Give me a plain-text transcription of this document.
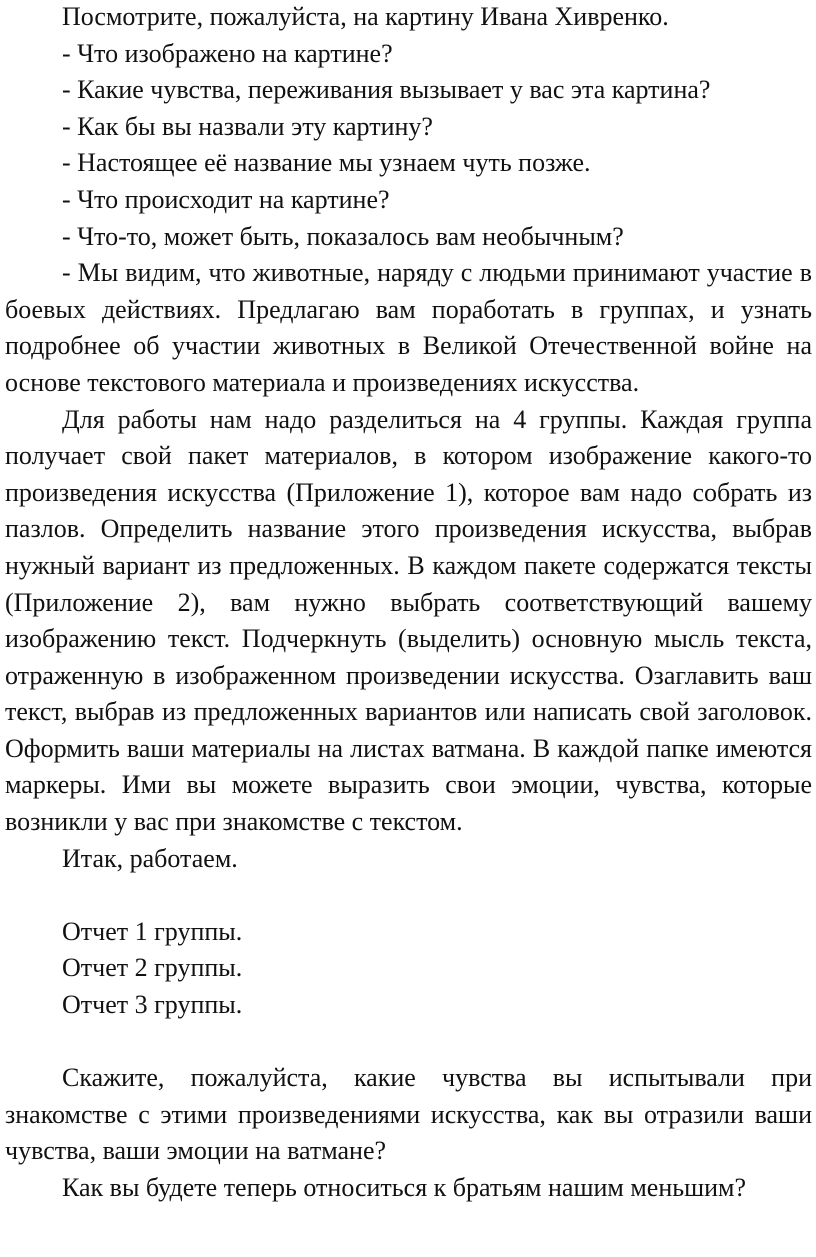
Посмотрите, пожалуйста, на картину Ивана Хивренко.

- Что изображено на картине?

- Какие чувства, переживания вызывает у вас эта картина?

- Как бы вы назвали эту картину?

- Настоящее её название мы узнаем чуть позже.

- Что происходит на картине?

- Что-то, может быть, показалось вам необычным?

- Мы видим, что животные, наряду с людьми принимают участие в боевых действиях. Предлагаю вам поработать в группах, и узнать подробнее об участии животных в Великой Отечественной войне на основе текстового материала и произведениях искусства.

Для работы нам надо разделиться на 4 группы. Каждая группа получает свой пакет материалов, в котором изображение какого-то произведения искусства (Приложение 1), которое вам надо собрать из пазлов. Определить название этого произведения искусства, выбрав нужный вариант из предложенных. В каждом пакете содержатся тексты (Приложение 2), вам нужно выбрать соответствующий вашему изображению текст. Подчеркнуть (выделить) основную мысль текста, отраженную в изображенном произведении искусства. Озаглавить ваш текст, выбрав из предложенных вариантов или написать свой заголовок. Оформить ваши материалы на листах ватмана. В каждой папке имеются маркеры. Ими вы можете выразить свои эмоции, чувства, которые возникли у вас при знакомстве с текстом.

Итак, работаем.

Отчет 1 группы.

Отчет 2 группы.

Отчет 3 группы.

Скажите, пожалуйста, какие чувства вы испытывали при знакомстве с этими произведениями искусства, как вы отразили ваши чувства, ваши эмоции на ватмане?

Как вы будете теперь относиться к братьям нашим меньшим?
